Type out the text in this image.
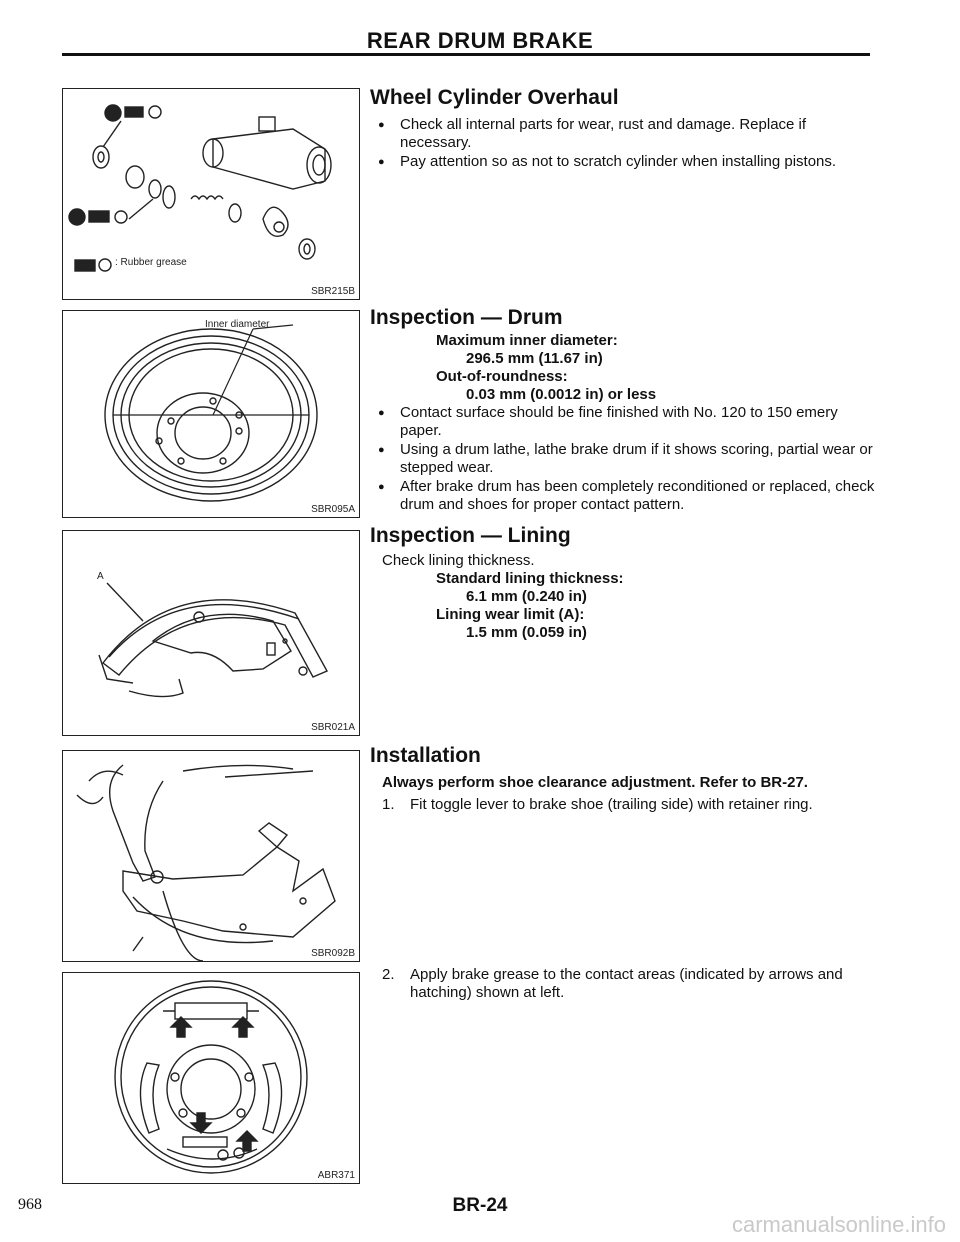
REAR DRUM BRAKE
: Rubber grease
SBR215B
Inner diameter
SBR095A
A
SBR021A
SBR092B
ABR371
Wheel Cylinder Overhaul
● Check all internal parts for wear, rust and damage. Replace if necessary.
● Pay attention so as not to scratch cylinder when installing pistons.
Inspection — Drum
Maximum inner diameter:
296.5 mm (11.67 in)
Out-of-roundness:
0.03 mm (0.0012 in) or less
● Contact surface should be fine finished with No. 120 to 150 emery paper.
● Using a drum lathe, lathe brake drum if it shows scoring, partial wear or stepped wear.
● After brake drum has been completely reconditioned or replaced, check drum and shoes for proper contact pattern.
Inspection — Lining
Check lining thickness.
Standard lining thickness:
6.1 mm (0.240 in)
Lining wear limit (A):
1.5 mm (0.059 in)
Installation
Always perform shoe clearance adjustment. Refer to BR-27.
1. Fit toggle lever to brake shoe (trailing side) with retainer ring.
2. Apply brake grease to the contact areas (indicated by arrows and hatching) shown at left.
968	BR-24
carmanualsonline.info
